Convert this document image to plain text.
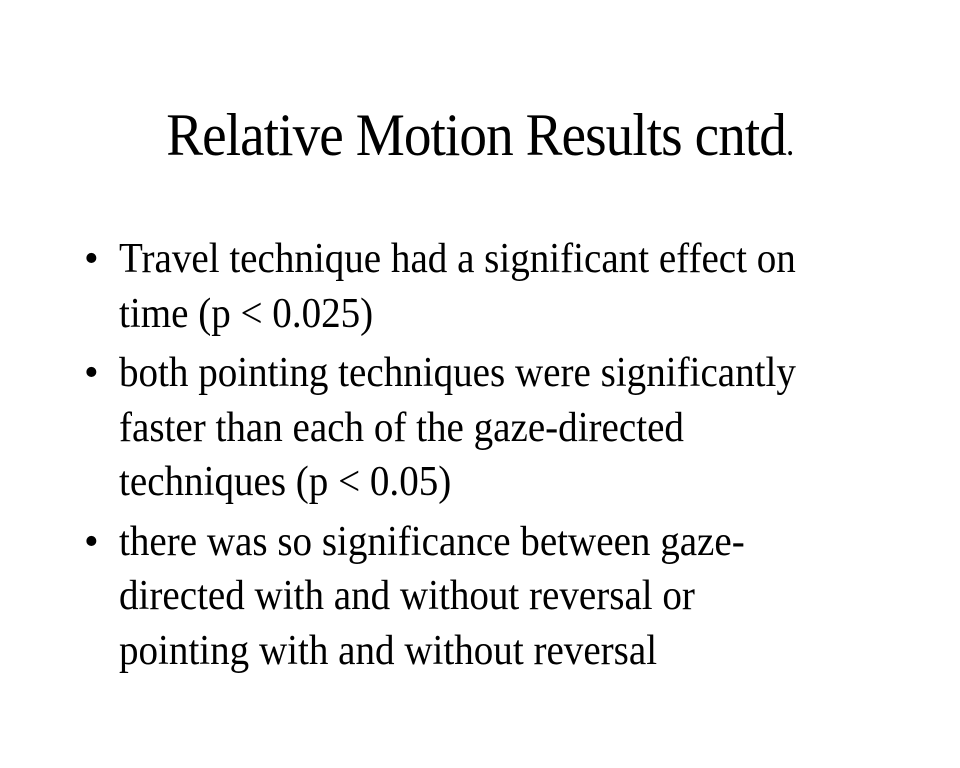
Relative Motion Results cntd.
• Travel technique had a significant effect on
time (p < 0.025)
• both pointing techniques were significantly
faster than each of the gaze-directed
techniques (p < 0.05)
• there was so significance between gaze-
directed with and without reversal or
pointing with and without reversal
